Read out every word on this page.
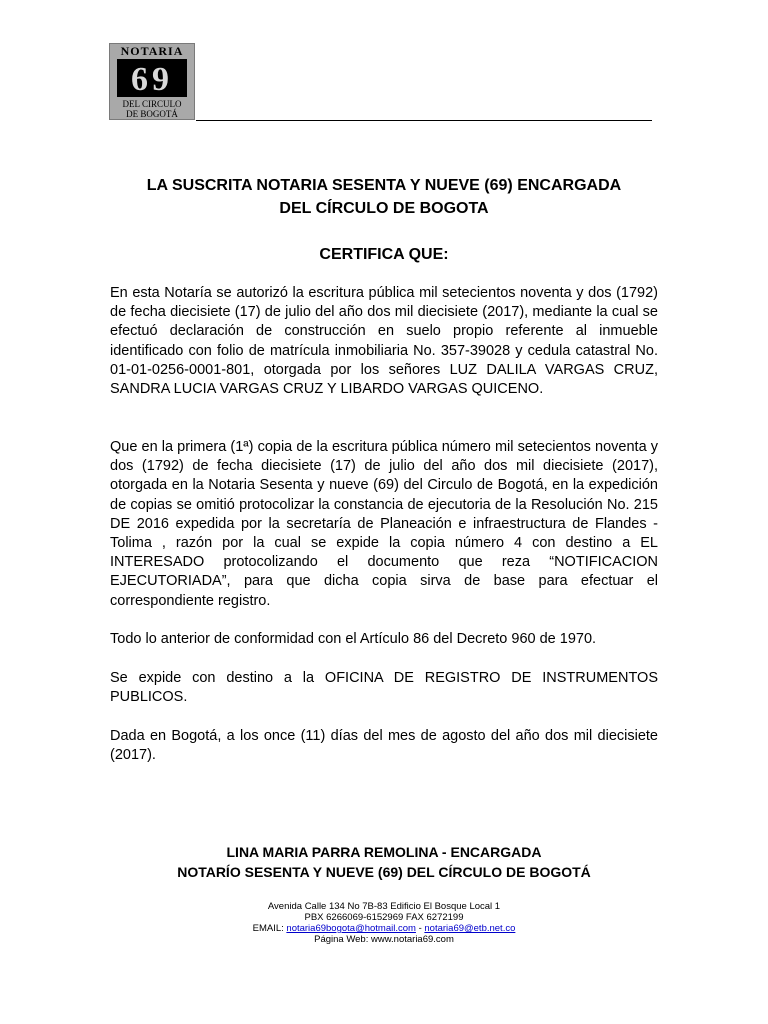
NOTARIA
69
DEL CIRCULO
DE BOGOTÁ
LA SUSCRITA NOTARIA SESENTA Y NUEVE (69) ENCARGADA
DEL CÍRCULO DE BOGOTA
CERTIFICA QUE:
En esta Notaría se autorizó la escritura pública mil setecientos noventa y dos (1792) de fecha diecisiete (17) de julio del año dos mil diecisiete (2017), mediante la cual se efectuó declaración de construcción en suelo propio referente al inmueble identificado con folio de matrícula inmobiliaria No. 357-39028 y cedula catastral No. 01-01-0256-0001-801, otorgada por los señores LUZ DALILA VARGAS CRUZ, SANDRA LUCIA VARGAS CRUZ Y LIBARDO VARGAS QUICENO.
Que en la primera (1ª) copia de la escritura pública número mil setecientos noventa y dos (1792) de fecha diecisiete (17) de julio del año dos mil diecisiete (2017), otorgada en la Notaria Sesenta y nueve (69) del Circulo de Bogotá, en la expedición de copias se omitió protocolizar la constancia de ejecutoria de la Resolución No. 215 DE 2016 expedida por la secretaría de Planeación e infraestructura de Flandes - Tolima , razón por la cual se expide la copia número 4 con destino a EL INTERESADO protocolizando el documento que reza “NOTIFICACION EJECUTORIADA”, para que dicha copia sirva de base para efectuar el correspondiente registro.
Todo lo anterior de conformidad con el Artículo 86 del Decreto 960 de 1970.
Se expide con destino a la OFICINA DE REGISTRO DE INSTRUMENTOS PUBLICOS.
Dada en Bogotá, a los once (11) días del mes de agosto del año dos mil diecisiete (2017).
LINA MARIA PARRA REMOLINA - ENCARGADA
NOTARÍO SESENTA Y NUEVE (69) DEL CÍRCULO DE BOGOTÁ
Avenida Calle 134 No 7B-83 Edificio El Bosque Local 1
PBX 6266069-6152969 FAX 6272199
EMAIL: notaria69bogota@hotmail.com - notaria69@etb.net.co
Página Web: www.notaria69.com
